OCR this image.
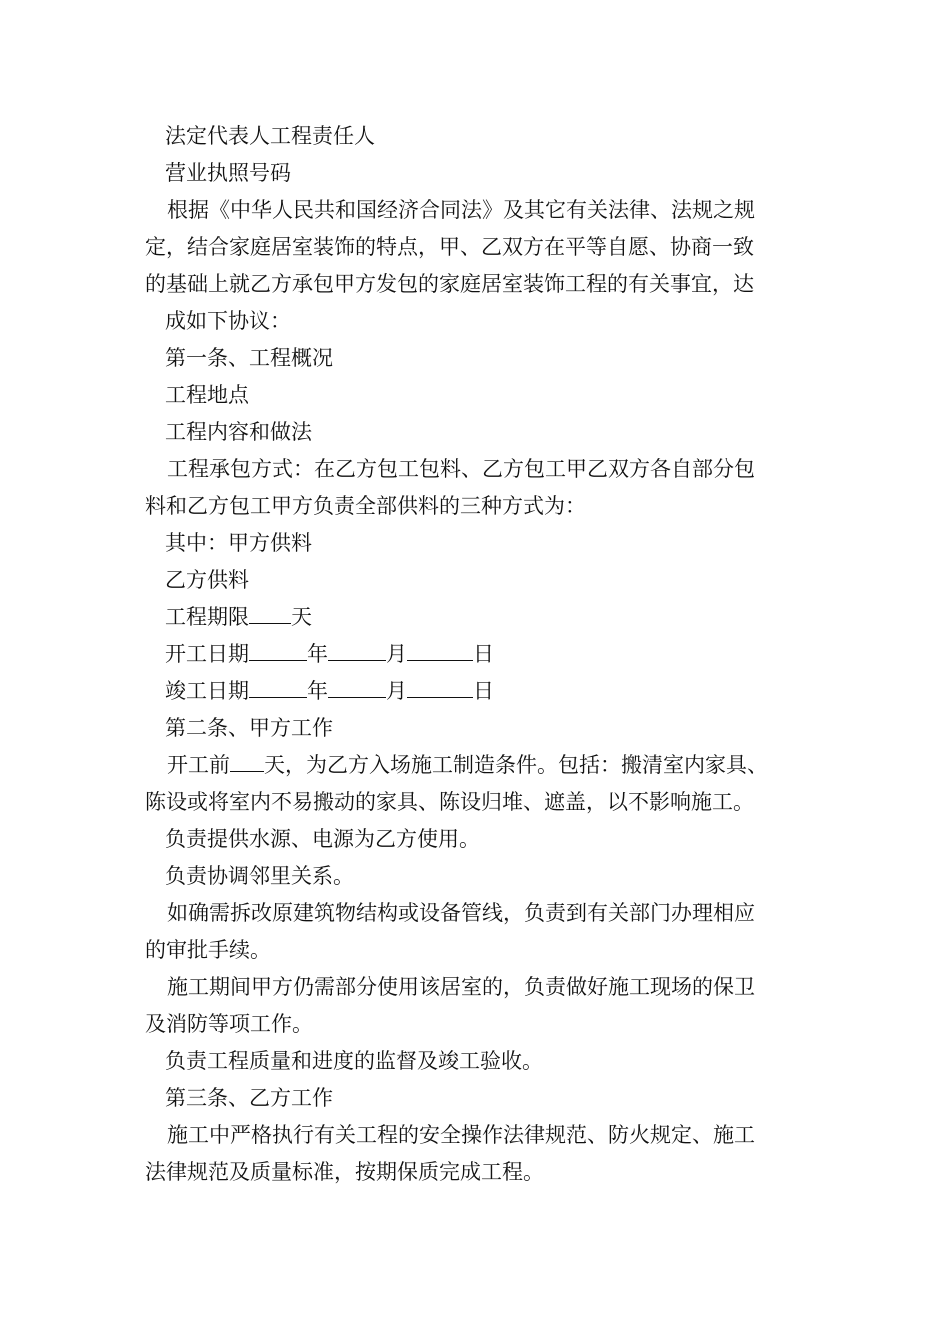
法定代表人工程责任人

营业执照号码

根据《中华人民共和国经济合同法》及其它有关法律、法规之规
定，结合家庭居室装饰的特点，甲、乙双方在平等自愿、协商一致
的基础上就乙方承包甲方发包的家庭居室装饰工程的有关事宜，达

成如下协议：

第一条、工程概况

工程地点

工程内容和做法

工程承包方式：在乙方包工包料、乙方包工甲乙双方各自部分包
料和乙方包工甲方负责全部供料的三种方式为：

其中：甲方供料

乙方供料

工程期限 天

开工日期	年	月	日

竣工日期	年	月	日

第二条、甲方工作

开工前 天，为乙方入场施工制造条件。包括：搬清室内家具、
陈设或将室内不易搬动的家具、陈设归堆、遮盖，以不影响施工。

负责提供水源、电源为乙方使用。

负责协调邻里关系。

如确需拆改原建筑物结构或设备管线，负责到有关部门办理相应
的审批手续。

施工期间甲方仍需部分使用该居室的，负责做好施工现场的保卫
及消防等项工作。

负责工程质量和进度的监督及竣工验收。

第三条、乙方工作

施工中严格执行有关工程的安全操作法律规范、防火规定、施工
法律规范及质量标准，按期保质完成工程。
